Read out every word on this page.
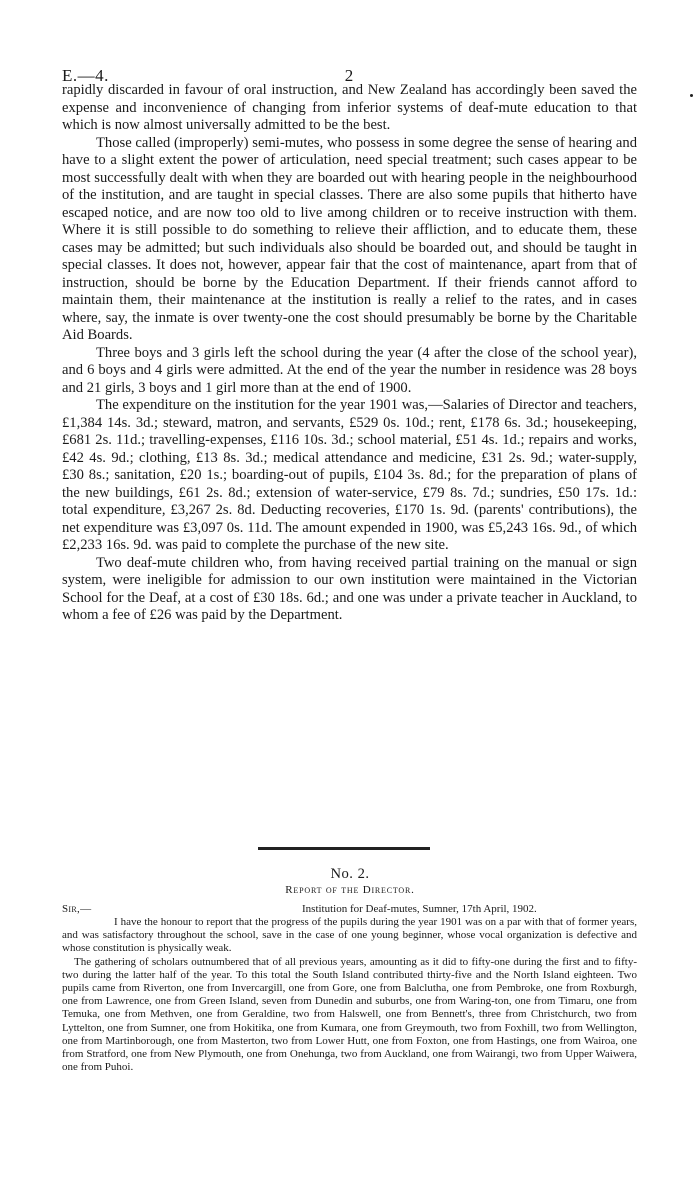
E.—4.	2

rapidly discarded in favour of oral instruction, and New Zealand has accordingly been saved the expense and inconvenience of changing from inferior systems of deaf-mute education to that which is now almost universally admitted to be the best.

Those called (improperly) semi-mutes, who possess in some degree the sense of hearing and have to a slight extent the power of articulation, need special treatment; such cases appear to be most successfully dealt with when they are boarded out with hearing people in the neighbourhood of the institution, and are taught in special classes. There are also some pupils that hitherto have escaped notice, and are now too old to live among children or to receive instruction with them. Where it is still possible to do something to relieve their affliction, and to educate them, these cases may be admitted; but such individuals also should be boarded out, and should be taught in special classes. It does not, however, appear fair that the cost of maintenance, apart from that of instruction, should be borne by the Education Department. If their friends cannot afford to maintain them, their maintenance at the institution is really a relief to the rates, and in cases where, say, the inmate is over twenty-one the cost should presumably be borne by the Charitable Aid Boards.

Three boys and 3 girls left the school during the year (4 after the close of the school year), and 6 boys and 4 girls were admitted. At the end of the year the number in residence was 28 boys and 21 girls, 3 boys and 1 girl more than at the end of 1900.

The expenditure on the institution for the year 1901 was,—Salaries of Director and teachers, £1,384 14s. 3d.; steward, matron, and servants, £529 0s. 10d.; rent, £178 6s. 3d.; housekeeping, £681 2s. 11d.; travelling-expenses, £116 10s. 3d.; school material, £51 4s. 1d.; repairs and works, £42 4s. 9d.; clothing, £13 8s. 3d.; medical attendance and medicine, £31 2s. 9d.; water-supply, £30 8s.; sanitation, £20 1s.; boarding-out of pupils, £104 3s. 8d.; for the preparation of plans of the new buildings, £61 2s. 8d.; extension of water-service, £79 8s. 7d.; sundries, £50 17s. 1d.: total expenditure, £3,267 2s. 8d. Deducting recoveries, £170 1s. 9d. (parents' contributions), the net expenditure was £3,097 0s. 11d. The amount expended in 1900, was £5,243 16s. 9d., of which £2,233 16s. 9d. was paid to complete the purchase of the new site.

Two deaf-mute children who, from having received partial training on the manual or sign system, were ineligible for admission to our own institution were maintained in the Victorian School for the Deaf, at a cost of £30 18s. 6d.; and one was under a private teacher in Auckland, to whom a fee of £26 was paid by the Department.

No. 2.
Report of the Director.
Sir,—	Institution for Deaf-mutes, Sumner, 17th April, 1902.

I have the honour to report that the progress of the pupils during the year 1901 was on a par with that of former years, and was satisfactory throughout the school, save in the case of one young beginner, whose vocal organization is defective and whose constitution is physically weak.

The gathering of scholars outnumbered that of all previous years, amounting as it did to fifty-one during the first and to fifty-two during the latter half of the year. To this total the South Island contributed thirty-five and the North Island eighteen. Two pupils came from Riverton, one from Invercargill, one from Gore, one from Balclutha, one from Pembroke, one from Roxburgh, one from Lawrence, one from Green Island, seven from Dunedin and suburbs, one from Waring-ton, one from Timaru, one from Temuka, one from Methven, one from Geraldine, two from Halswell, one from Bennett's, three from Christchurch, two from Lyttelton, one from Sumner, one from Hokitika, one from Kumara, one from Greymouth, two from Foxhill, two from Wellington, one from Martinborough, one from Masterton, two from Lower Hutt, one from Foxton, one from Hastings, one from Wairoa, one from Stratford, one from New Plymouth, one from Onehunga, two from Auckland, one from Wairangi, two from Upper Waiwera, one from Puhoi.
